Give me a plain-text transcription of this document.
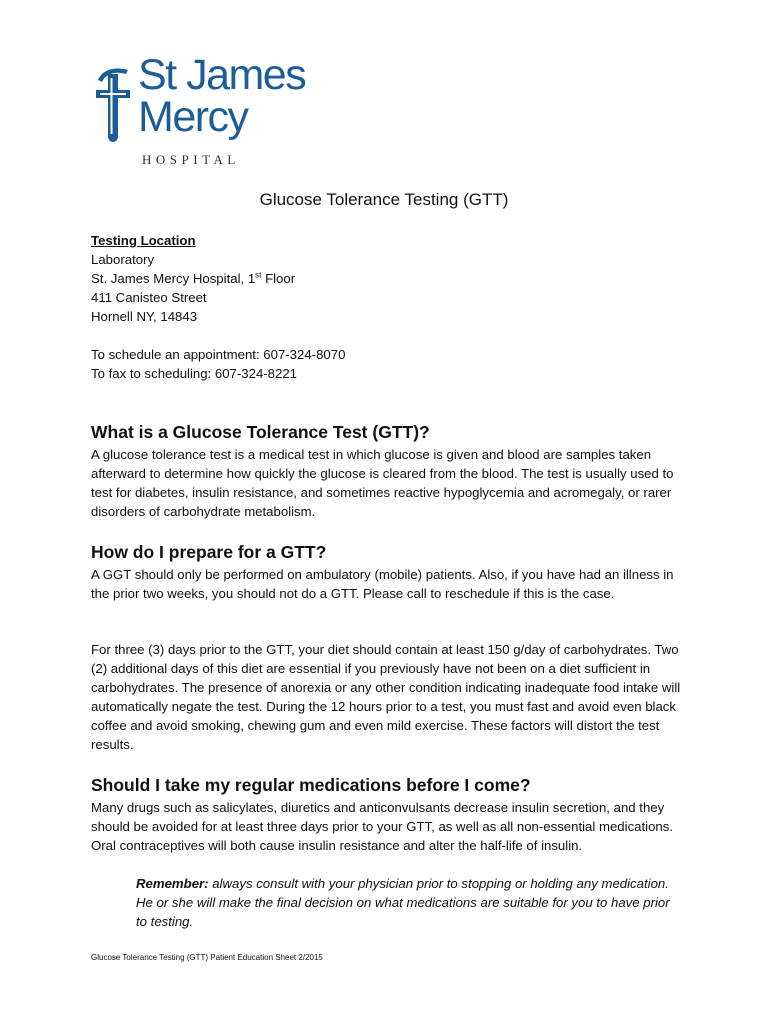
St James
Mercy
HOSPITAL
Glucose Tolerance Testing (GTT)
Testing Location
Laboratory
St. James Mercy Hospital, 1st Floor
411 Canisteo Street
Hornell NY, 14843
To schedule an appointment: 607-324-8070
To fax to scheduling: 607-324-8221
What is a Glucose Tolerance Test (GTT)?
A glucose tolerance test is a medical test in which glucose is given and blood are samples taken afterward to determine how quickly the glucose is cleared from the blood. The test is usually used to test for diabetes, insulin resistance, and sometimes reactive hypoglycemia and acromegaly, or rarer disorders of carbohydrate metabolism.
How do I prepare for a GTT?
A GGT should only be performed on ambulatory (mobile) patients. Also, if you have had an illness in the prior two weeks, you should not do a GTT. Please call to reschedule if this is the case.
For three (3) days prior to the GTT, your diet should contain at least 150 g/day of carbohydrates. Two (2) additional days of this diet are essential if you previously have not been on a diet sufficient in carbohydrates. The presence of anorexia or any other condition indicating inadequate food intake will automatically negate the test. During the 12 hours prior to a test, you must fast and avoid even black coffee and avoid smoking, chewing gum and even mild exercise. These factors will distort the test results.
Should I take my regular medications before I come?
Many drugs such as salicylates, diuretics and anticonvulsants decrease insulin secretion, and they should be avoided for at least three days prior to your GTT, as well as all non-essential medications. Oral contraceptives will both cause insulin resistance and alter the half-life of insulin.
Remember: always consult with your physician prior to stopping or holding any medication. He or she will make the final decision on what medications are suitable for you to have prior to testing.
Glucose Tolerance Testing (GTT) Patient Education Sheet 2/2015
